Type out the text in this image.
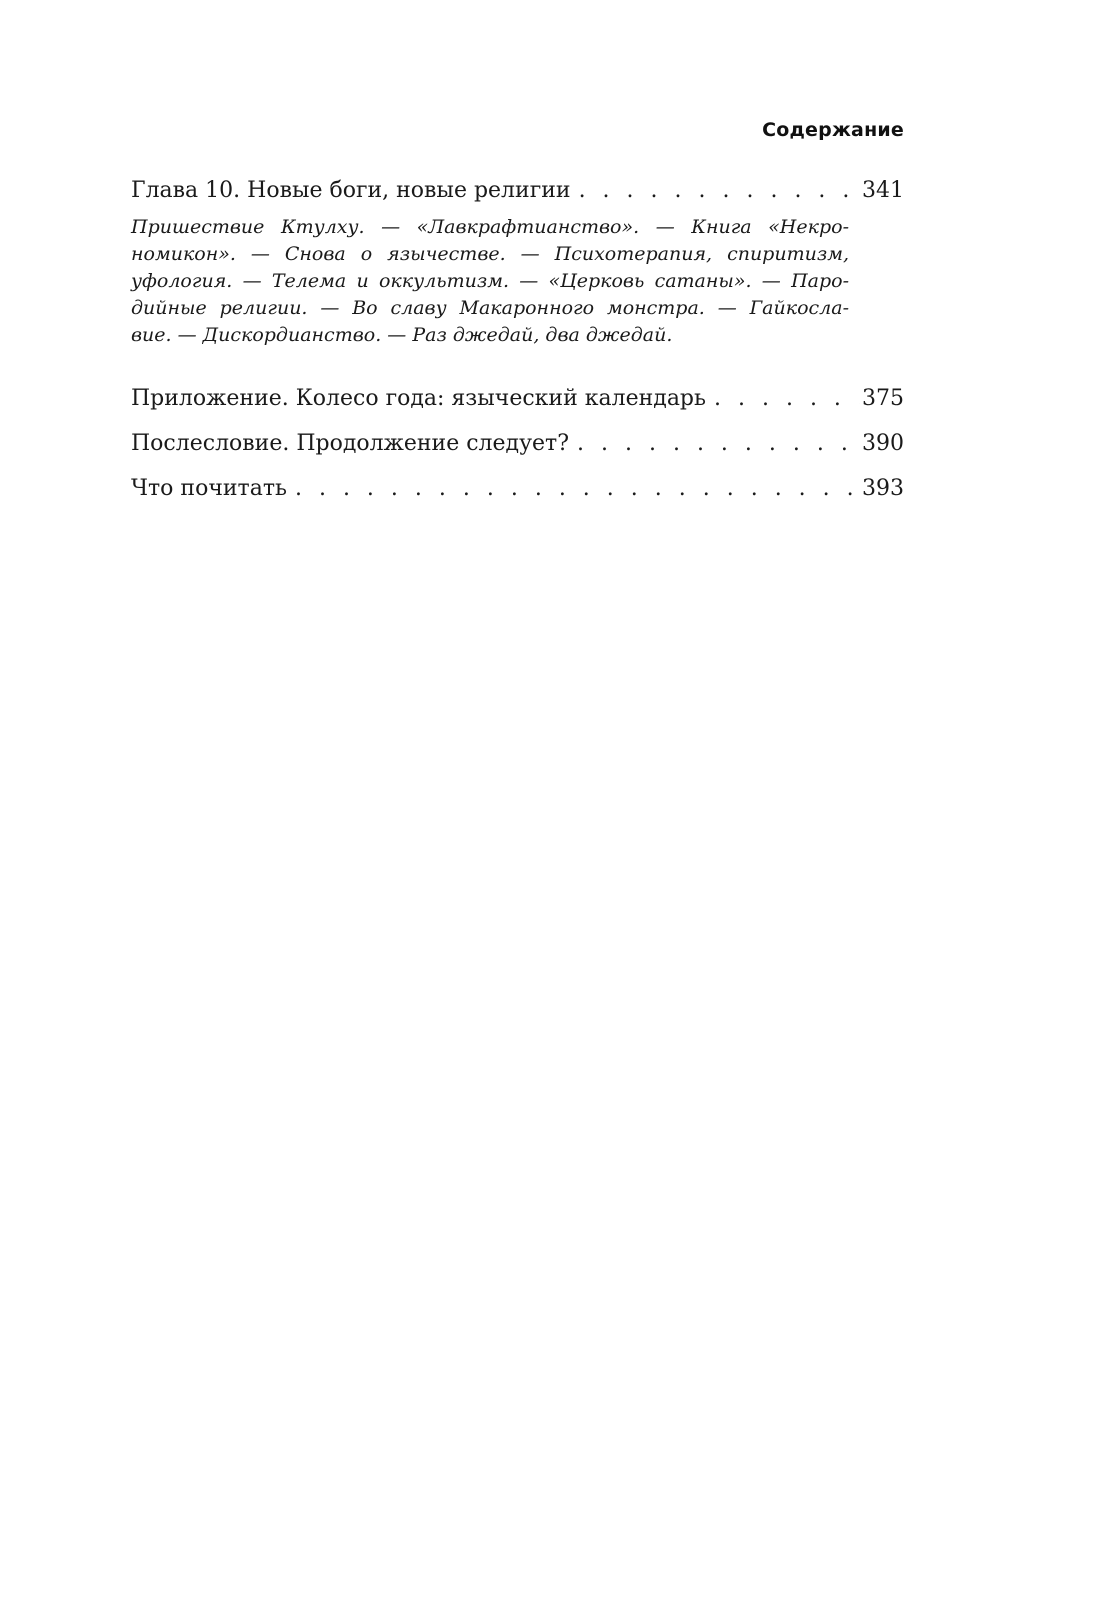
Содержание
Глава 10. Новые боги, новые религии . . .	341
Пришествие Ктулху. — «Лавкрафтианство». — Книга «Некро-
номикон». — Снова о язычестве. — Психотерапия, спиритизм,
уфология. — Телема и оккультизм. — «Церковь сатаны». — Паро-
дийные религии. — Во славу Макаронного монстра. — Гайкосла-
вие. — Дискордианство. — Раз джедай, два джедай.
Приложение. Колесо года: языческий календарь . . .	375
Послесловие. Продолжение следует? . . .	390
Что почитать . . .	393
